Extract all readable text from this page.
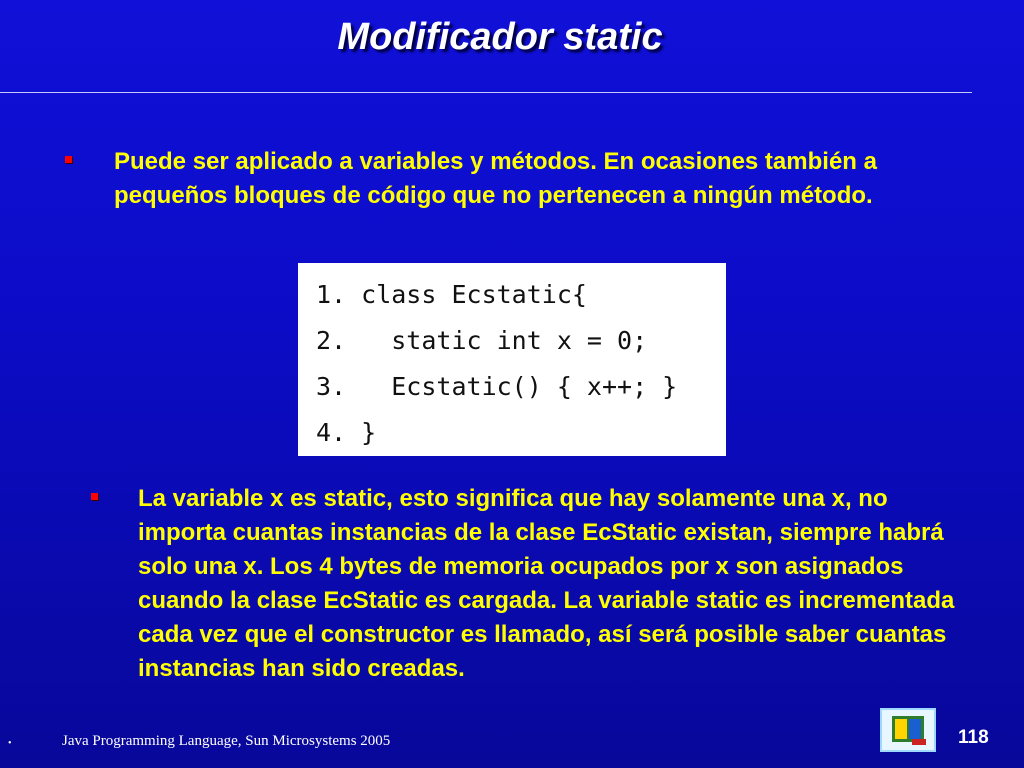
Modificador static
Puede ser aplicado a variables y métodos. En ocasiones también a pequeños bloques de código que no pertenecen a ningún método.
1. class Ecstatic{
2.   static int x = 0;
3.   Ecstatic() { x++; }
4. }
La variable x es static, esto significa que hay solamente una x, no importa cuantas instancias de la clase EcStatic existan, siempre habrá solo una x. Los 4 bytes de memoria ocupados por x son asignados cuando la clase EcStatic es cargada. La variable static es incrementada cada vez que el constructor es llamado, así será posible saber cuantas instancias han sido creadas.
•	Java Programming Language, Sun Microsystems 2005	118
